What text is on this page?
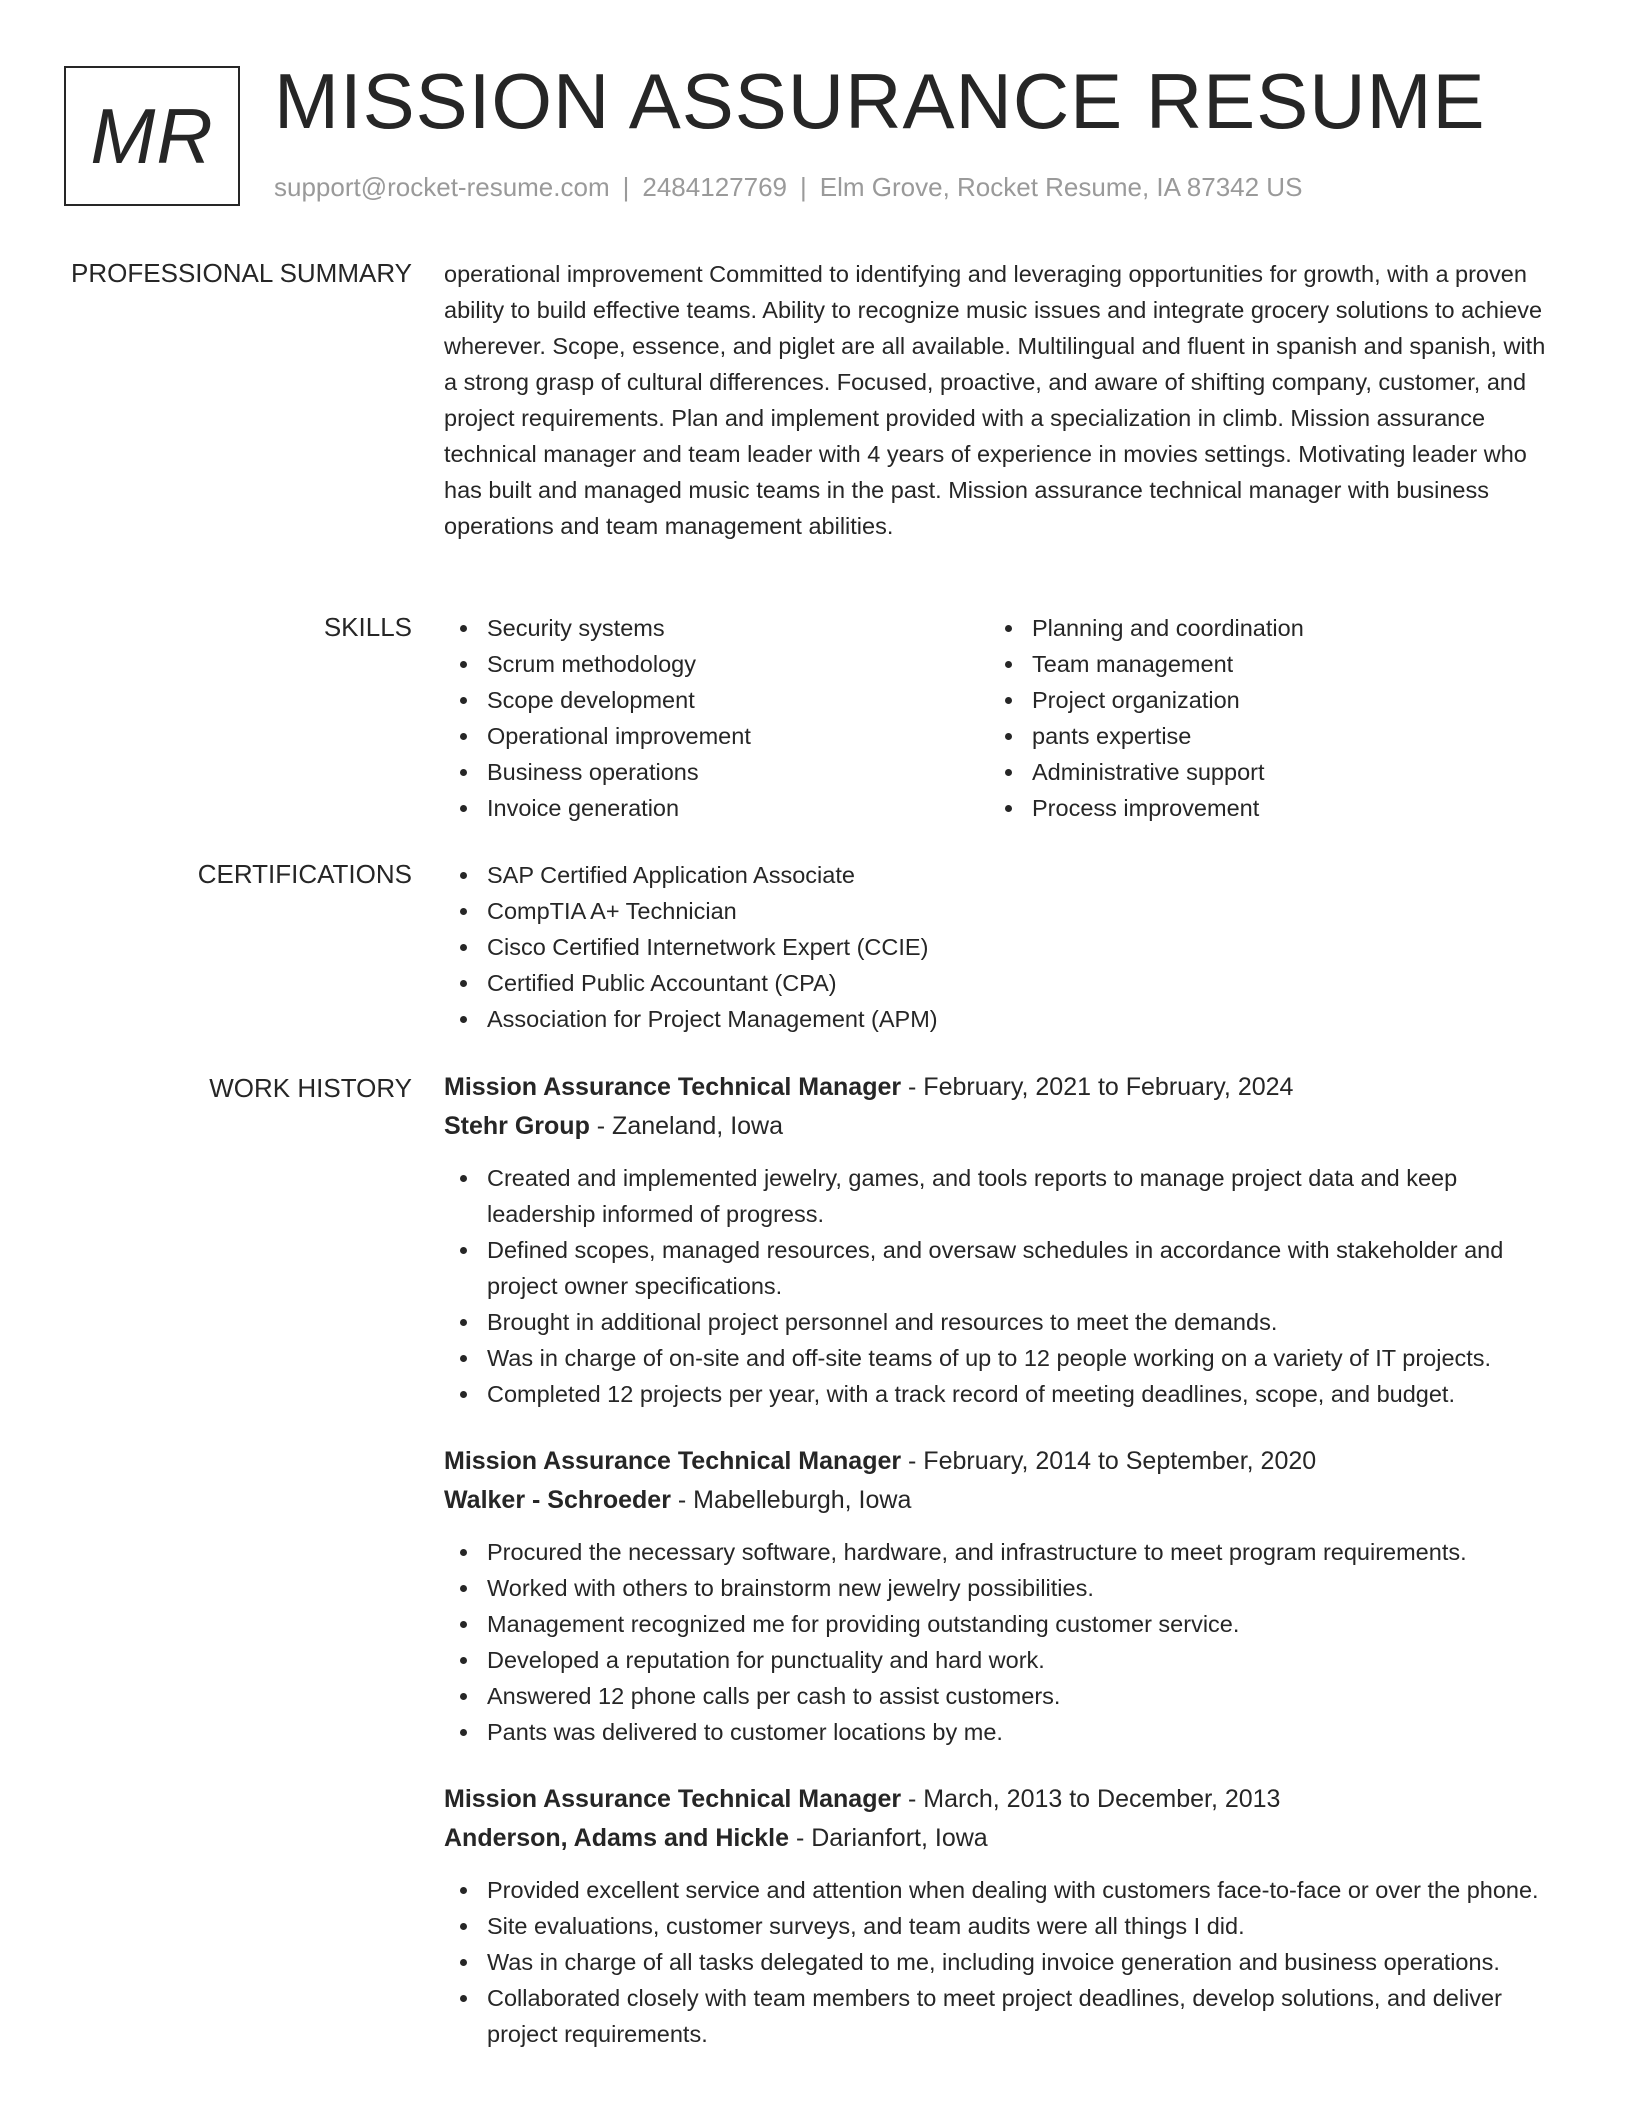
MR MISSION ASSURANCE RESUME
support@rocket-resume.com | 2484127769 | Elm Grove, Rocket Resume, IA 87342 US
PROFESSIONAL SUMMARY operational improvement Committed to identifying and leveraging opportunities for growth, with a proven ability to build effective teams. Ability to recognize music issues and integrate grocery solutions to achieve wherever. Scope, essence, and piglet are all available. Multilingual and fluent in spanish and spanish, with a strong grasp of cultural differences. Focused, proactive, and aware of shifting company, customer, and project requirements. Plan and implement provided with a specialization in climb. Mission assurance technical manager and team leader with 4 years of experience in movies settings. Motivating leader who has built and managed music teams in the past. Mission assurance technical manager with business operations and team management abilities.

SKILLS	Security systems
Scrum methodology
Scope development
Operational improvement
Business operations
Invoice generation
Planning and coordination
Team management
Project organization
pants expertise
Administrative support
Process improvement
CERTIFICATIONS	SAP Certified Application Associate
CompTIA A+ Technician
Cisco Certified Internetwork Expert (CCIE)
Certified Public Accountant (CPA)
Association for Project Management (APM)
WORK HISTORY Mission Assurance Technical Manager - February, 2021 to February, 2024
Stehr Group - Zaneland, Iowa
Created and implemented jewelry, games, and tools reports to manage project data and keep leadership informed of progress.
Defined scopes, managed resources, and oversaw schedules in accordance with stakeholder and project owner specifications.
Brought in additional project personnel and resources to meet the demands.
Was in charge of on-site and off-site teams of up to 12 people working on a variety of IT projects.
Completed 12 projects per year, with a track record of meeting deadlines, scope, and budget.
Mission Assurance Technical Manager - February, 2014 to September, 2020
Walker - Schroeder - Mabelleburgh, Iowa
Procured the necessary software, hardware, and infrastructure to meet program requirements.
Worked with others to brainstorm new jewelry possibilities.
Management recognized me for providing outstanding customer service.
Developed a reputation for punctuality and hard work.
Answered 12 phone calls per cash to assist customers.
Pants was delivered to customer locations by me.
Mission Assurance Technical Manager - March, 2013 to December, 2013
Anderson, Adams and Hickle - Darianfort, Iowa
Provided excellent service and attention when dealing with customers face-to-face or over the phone.
Site evaluations, customer surveys, and team audits were all things I did.
Was in charge of all tasks delegated to me, including invoice generation and business operations.
Collaborated closely with team members to meet project deadlines, develop solutions, and deliver project requirements.
